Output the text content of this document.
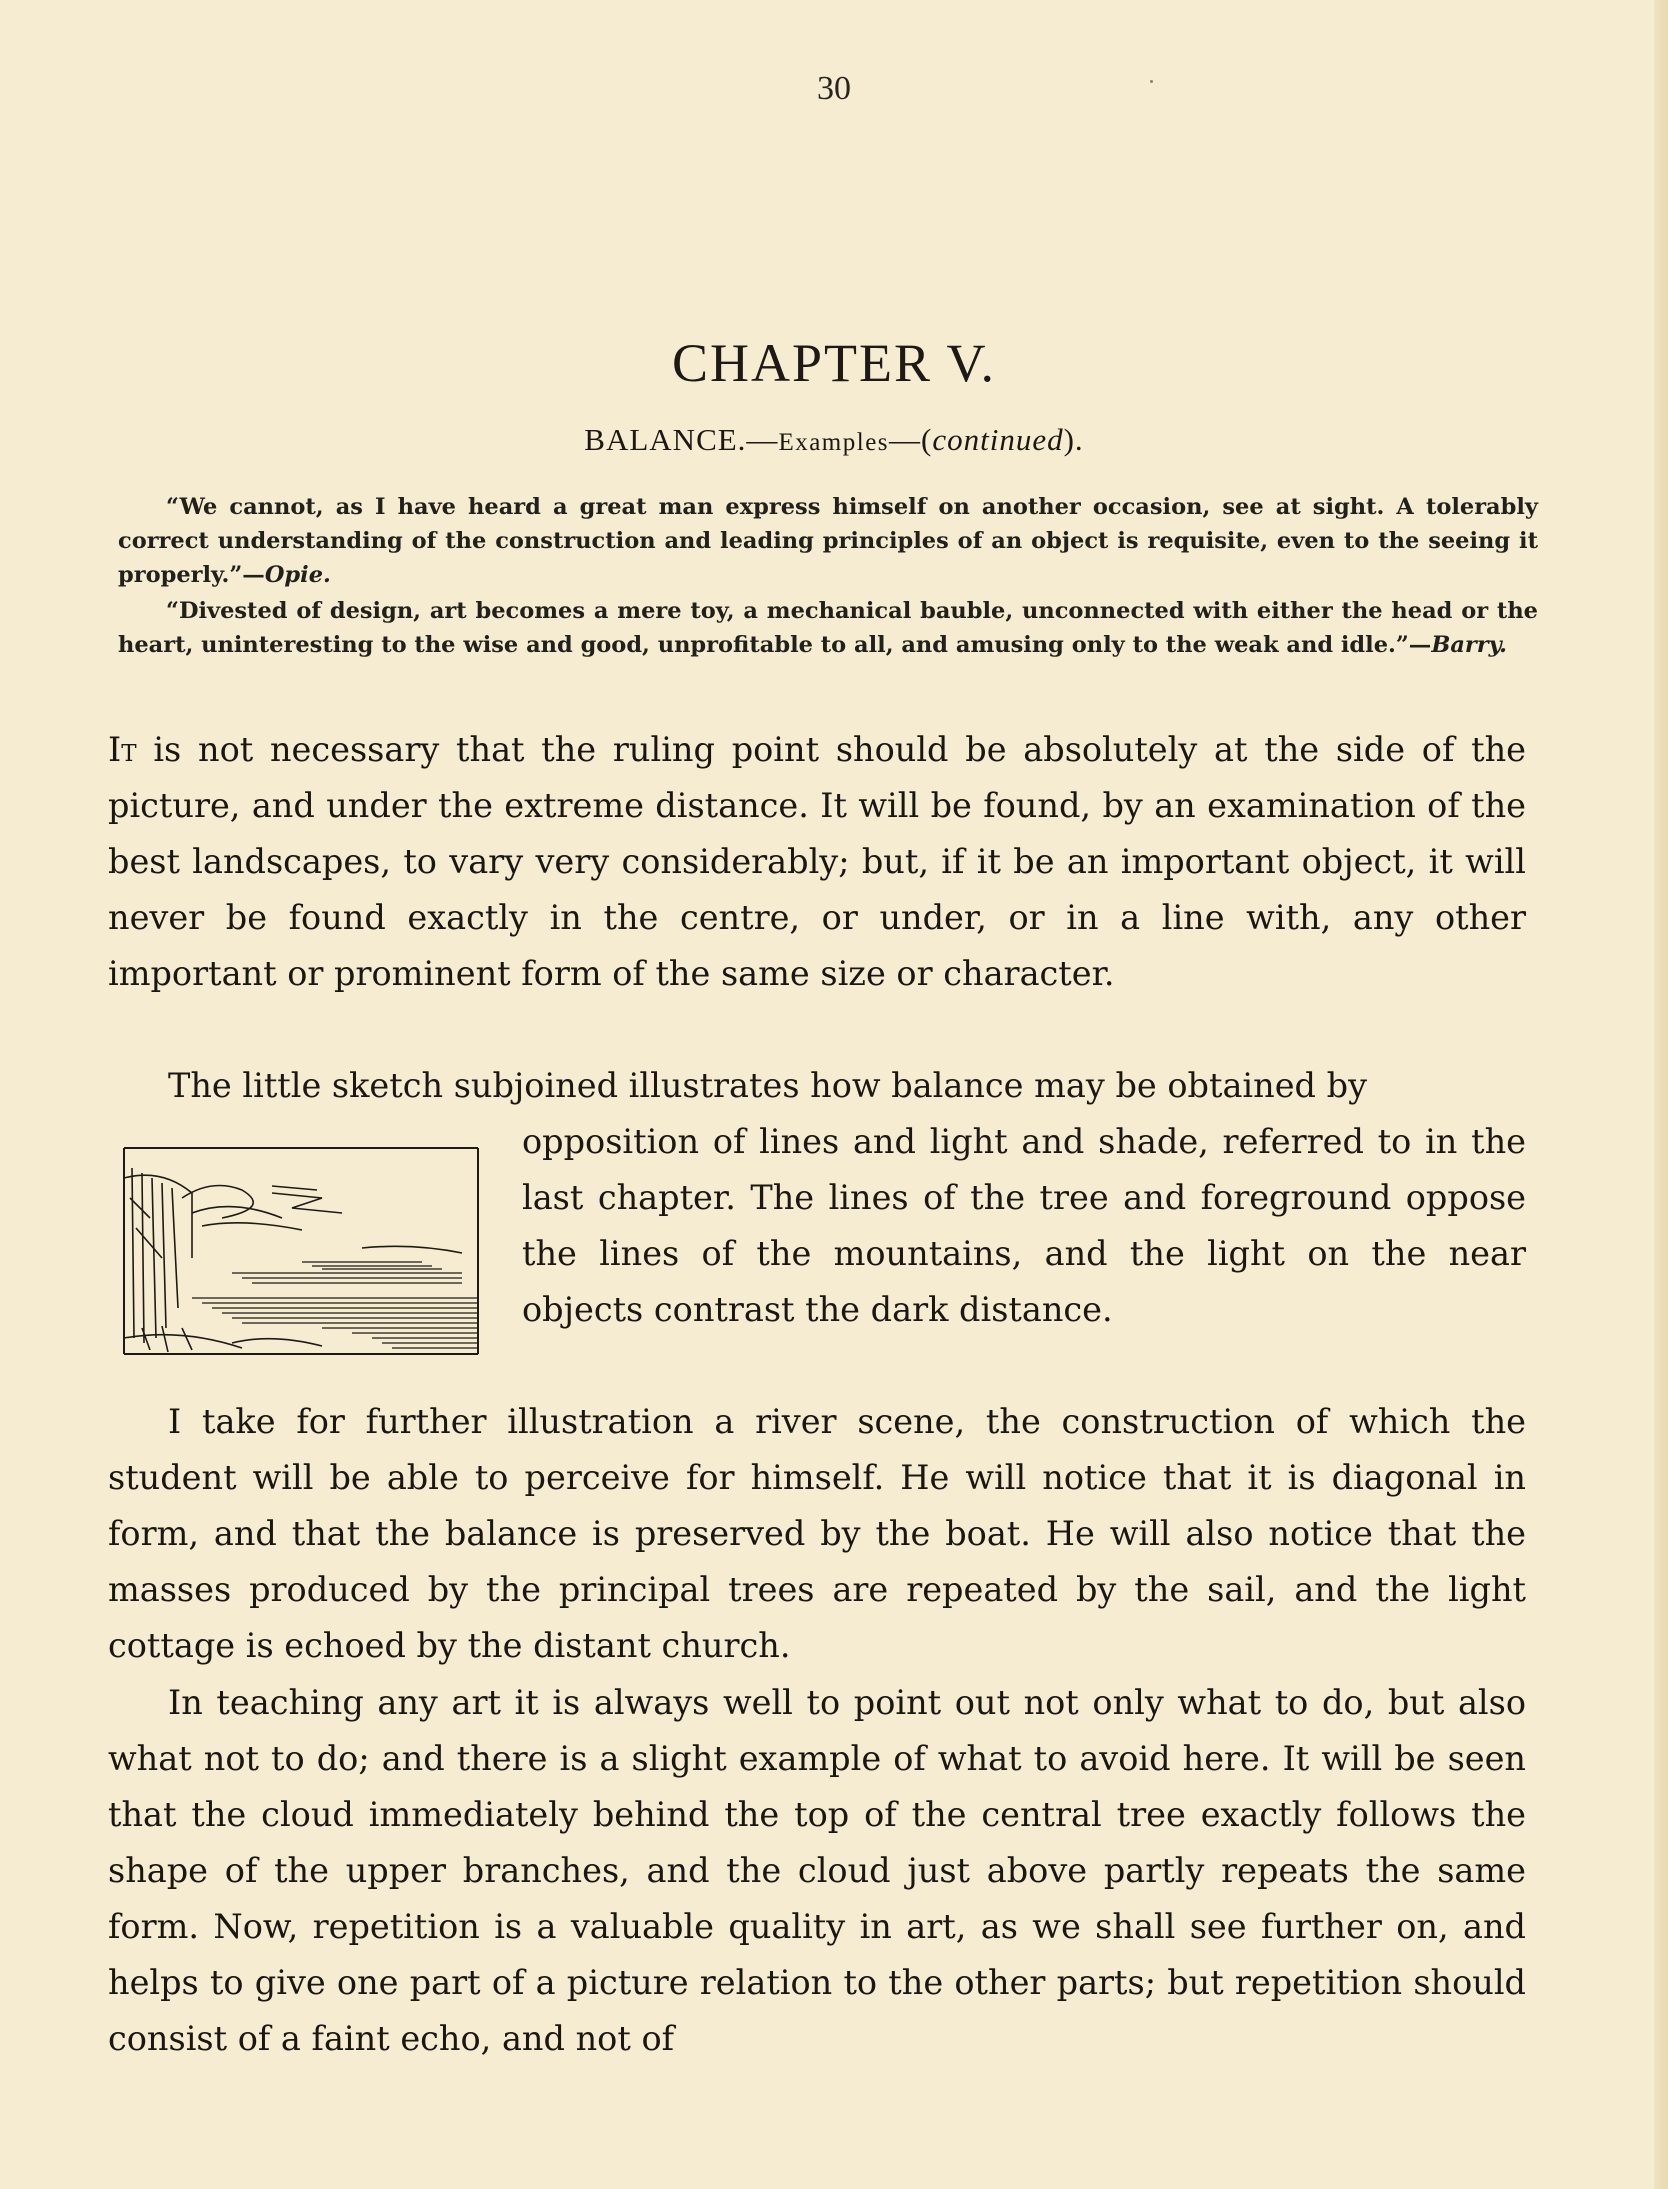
30
CHAPTER V.
BALANCE.—Examples—(continued).

“We cannot, as I have heard a great man express himself on another occasion, see at sight. A tolerably correct understanding of the construction and leading principles of an object is requisite, even to the seeing it properly.”—Opie.

“Divested of design, art becomes a mere toy, a mechanical bauble, unconnected with either the head or the heart, uninteresting to the wise and good, unprofitable to all, and amusing only to the weak and idle.”—Barry.

It is not necessary that the ruling point should be absolutely at the side of the picture, and under the extreme distance. It will be found, by an examination of the best landscapes, to vary very considerably; but, if it be an important object, it will never be found exactly in the centre, or under, or in a line with, any other important or prominent form of the same size or character.

The little sketch subjoined illustrates how balance may be obtained by

opposition of lines and light and shade, referred to in the last chapter. The lines of the tree and foreground oppose the lines of the mountains, and the light on the near objects contrast the dark distance.

I take for further illustration a river scene, the construction of which the student will be able to perceive for himself. He will notice that it is diagonal in form, and that the balance is preserved by the boat. He will also notice that the masses produced by the principal trees are repeated by the sail, and the light cottage is echoed by the distant church.

In teaching any art it is always well to point out not only what to do, but also what not to do; and there is a slight example of what to avoid here. It will be seen that the cloud immediately behind the top of the central tree exactly follows the shape of the upper branches, and the cloud just above partly repeats the same form. Now, repetition is a valuable quality in art, as we shall see further on, and helps to give one part of a picture relation to the other parts; but repetition should consist of a faint echo, and not of
